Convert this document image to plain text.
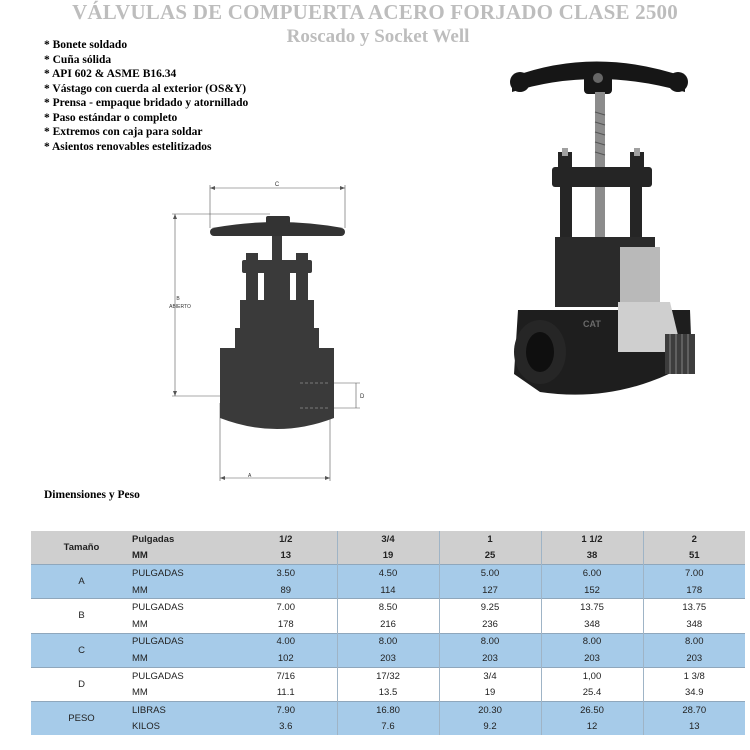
VÁLVULAS DE COMPUERTA ACERO FORJADO CLASE 2500
Roscado y Socket Well
* Bonete soldado
* Cuña sólida
* API 602 & ASME B16.34
* Vástago con cuerda al exterior (OS&Y)
* Prensa - empaque bridado y atornillado
* Paso estándar o completo
* Extremos con caja para soldar
* Asientos renovables estelitizados
C
B
ABIERTO
D
A
CAT
Dimensiones y Peso
Tamaño	Pulgadas	1/2	3/4	1	1 1/2	2
	MM	13	19	25	38	51
A	PULGADAS	3.50	4.50	5.00	6.00	7.00
	MM	89	114	127	152	178
B	PULGADAS	7.00	8.50	9.25	13.75	13.75
	MM	178	216	236	348	348
C	PULGADAS	4.00	8.00	8.00	8.00	8.00
	MM	102	203	203	203	203
D	PULGADAS	7/16	17/32	3/4	1,00	1 3/8
	MM	11.1	13.5	19	25.4	34.9
PESO	LIBRAS	7.90	16.80	20.30	26.50	28.70
	KILOS	3.6	7.6	9.2	12	13
